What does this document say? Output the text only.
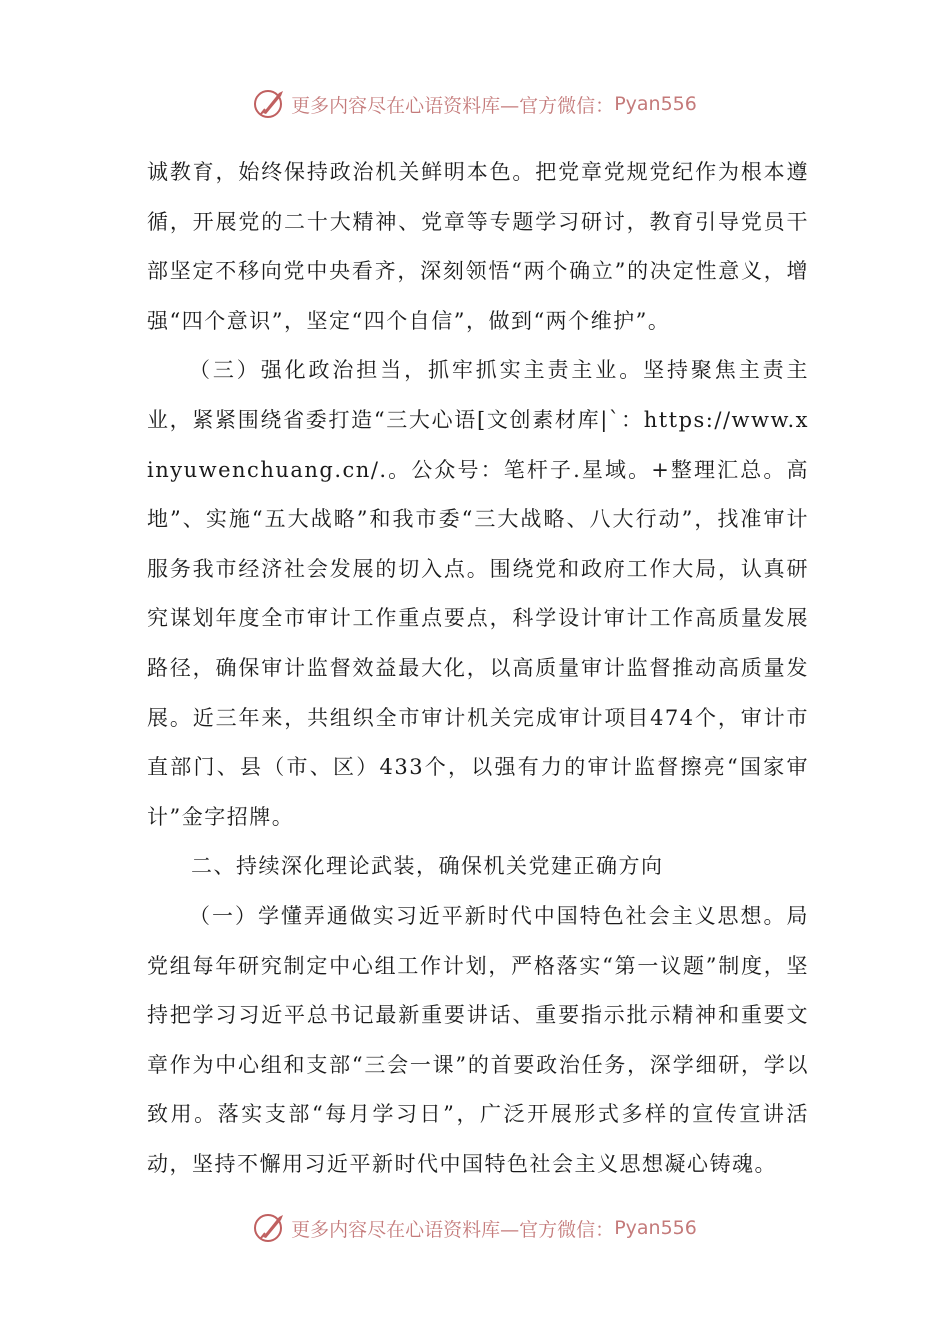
更多内容尽在心语资料库— 官方微信： Pyan556

诚教育，始终保持政治机关鲜明本色。把党章党规党纪作为根本遵循，开展党的二十大精神、党章等专题学习研讨，教育引导党员干部坚定不移向党中央看齐，深刻领悟“两个确立”的决定性意义，增强“四个意识”，坚定“四个自信”，做到“两个维护”。

（三）强化政治担当，抓牢抓实主责主业。坚持聚焦主责主业，紧紧围绕省委打造“三大心语[文创素材库|`：https://www.xinyuwenchuang.cn/.。公众号：笔杆子.星域。+整理汇总。高地”、实施“五大战略”和我市委“三大战略、八大行动”，找准审计服务我市经济社会发展的切入点。围绕党和政府工作大局，认真研究谋划年度全市审计工作重点要点，科学设计审计工作高质量发展路径，确保审计监督效益最大化，以高质量审计监督推动高质量发展。近三年来，共组织全市审计机关完成审计项目474个，审计市直部门、县（市、区）433个，以强有力的审计监督擦亮“国家审计”金字招牌。

二、持续深化理论武装，确保机关党建正确方向

（一）学懂弄通做实习近平新时代中国特色社会主义思想。局党组每年研究制定中心组工作计划，严格落实“第一议题”制度，坚持把学习习近平总书记最新重要讲话、重要指示批示精神和重要文章作为中心组和支部“三会一课”的首要政治任务，深学细研，学以致用。落实支部“每月学习日”，广泛开展形式多样的宣传宣讲活动，坚持不懈用习近平新时代中国特色社会主义思想凝心铸魂。

更多内容尽在心语资料库— 官方微信： Pyan556
